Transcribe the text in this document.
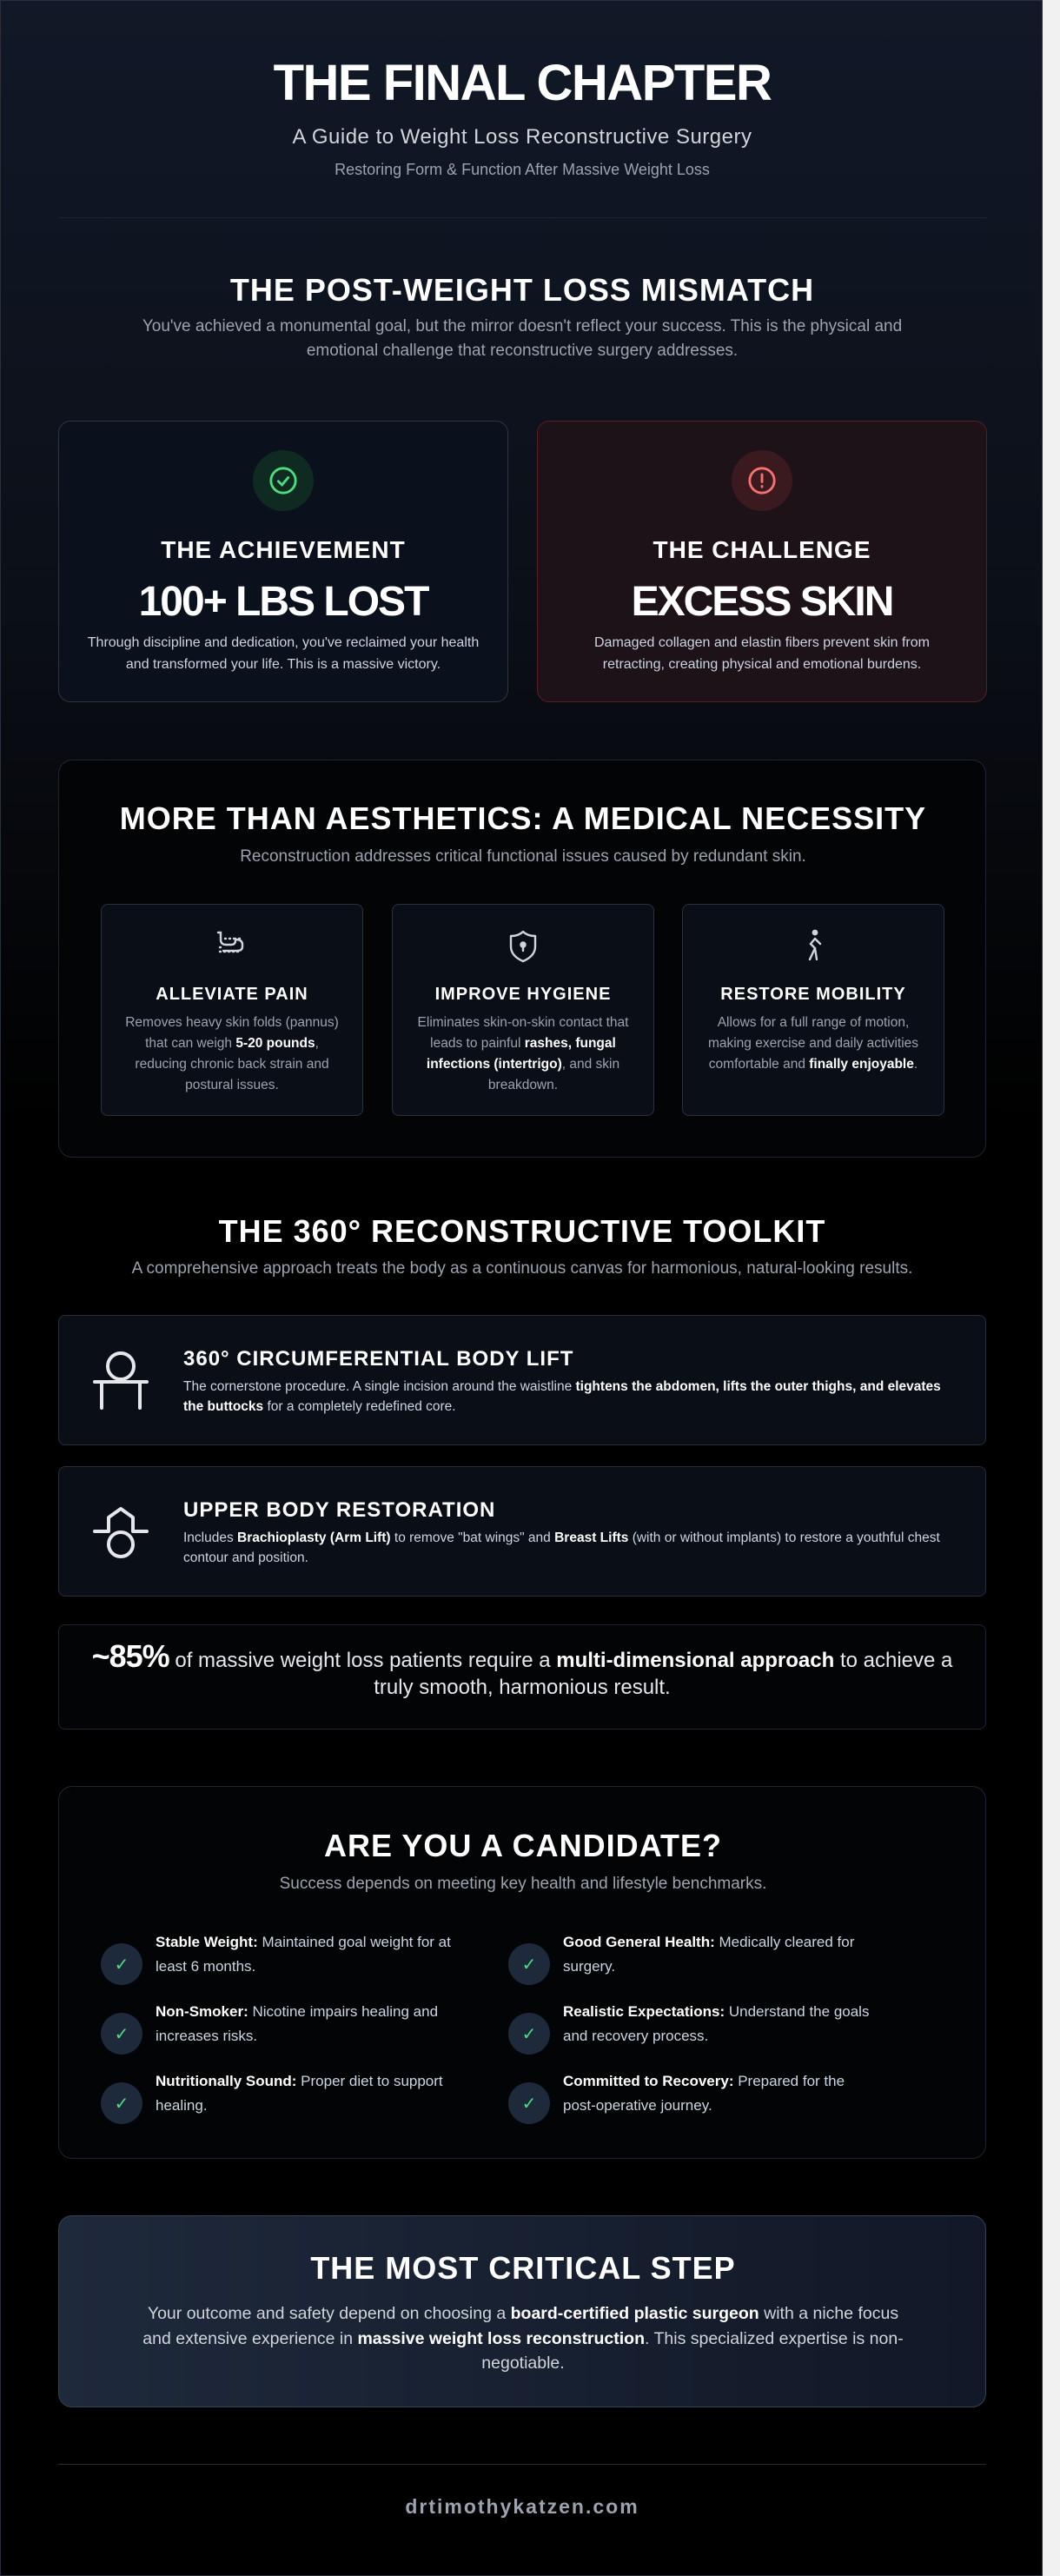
THE FINAL CHAPTER
A Guide to Weight Loss Reconstructive Surgery
Restoring Form & Function After Massive Weight Loss
THE POST-WEIGHT LOSS MISMATCH

You've achieved a monumental goal, but the mirror doesn't reflect your success. This is the physical and emotional challenge that reconstructive surgery addresses.

THE ACHIEVEMENT
100+ LBS LOST
Through discipline and dedication, you've reclaimed your health and transformed your life. This is a massive victory.
THE CHALLENGE
EXCESS SKIN
Damaged collagen and elastin fibers prevent skin from retracting, creating physical and emotional burdens.
MORE THAN AESTHETICS: A MEDICAL NECESSITY
Reconstruction addresses critical functional issues caused by redundant skin.
ALLEVIATE PAIN
Removes heavy skin folds (pannus) that can weigh 5-20 pounds, reducing chronic back strain and postural issues.
IMPROVE HYGIENE
Eliminates skin-on-skin contact that leads to painful rashes, fungal infections (intertrigo), and skin breakdown.
RESTORE MOBILITY
Allows for a full range of motion, making exercise and daily activities comfortable and finally enjoyable.
THE 360° RECONSTRUCTIVE TOOLKIT
A comprehensive approach treats the body as a continuous canvas for harmonious, natural-looking results.
360° CIRCUMFERENTIAL BODY LIFT
The cornerstone procedure. A single incision around the waistline tightens the abdomen, lifts the outer thighs, and elevates the buttocks for a completely redefined core.
UPPER BODY RESTORATION
Includes Brachioplasty (Arm Lift) to remove "bat wings" and Breast Lifts (with or without implants) to restore a youthful chest contour and position.
~85% of massive weight loss patients require a multi-dimensional approach to achieve a truly smooth, harmonious result.
ARE YOU A CANDIDATE?
Success depends on meeting key health and lifestyle benchmarks.
✓
Stable Weight: Maintained goal weight for at least 6 months.	✓
Good General Health: Medically cleared for surgery.
✓
Non-Smoker: Nicotine impairs healing and increases risks.	✓
Realistic Expectations: Understand the goals and recovery process.
✓
Nutritionally Sound: Proper diet to support healing.	✓
Committed to Recovery: Prepared for the post-operative journey.
THE MOST CRITICAL STEP

Your outcome and safety depend on choosing a board-certified plastic surgeon with a niche focus and extensive experience in massive weight loss reconstruction. This specialized expertise is non-negotiable.

drtimothykatzen.com
